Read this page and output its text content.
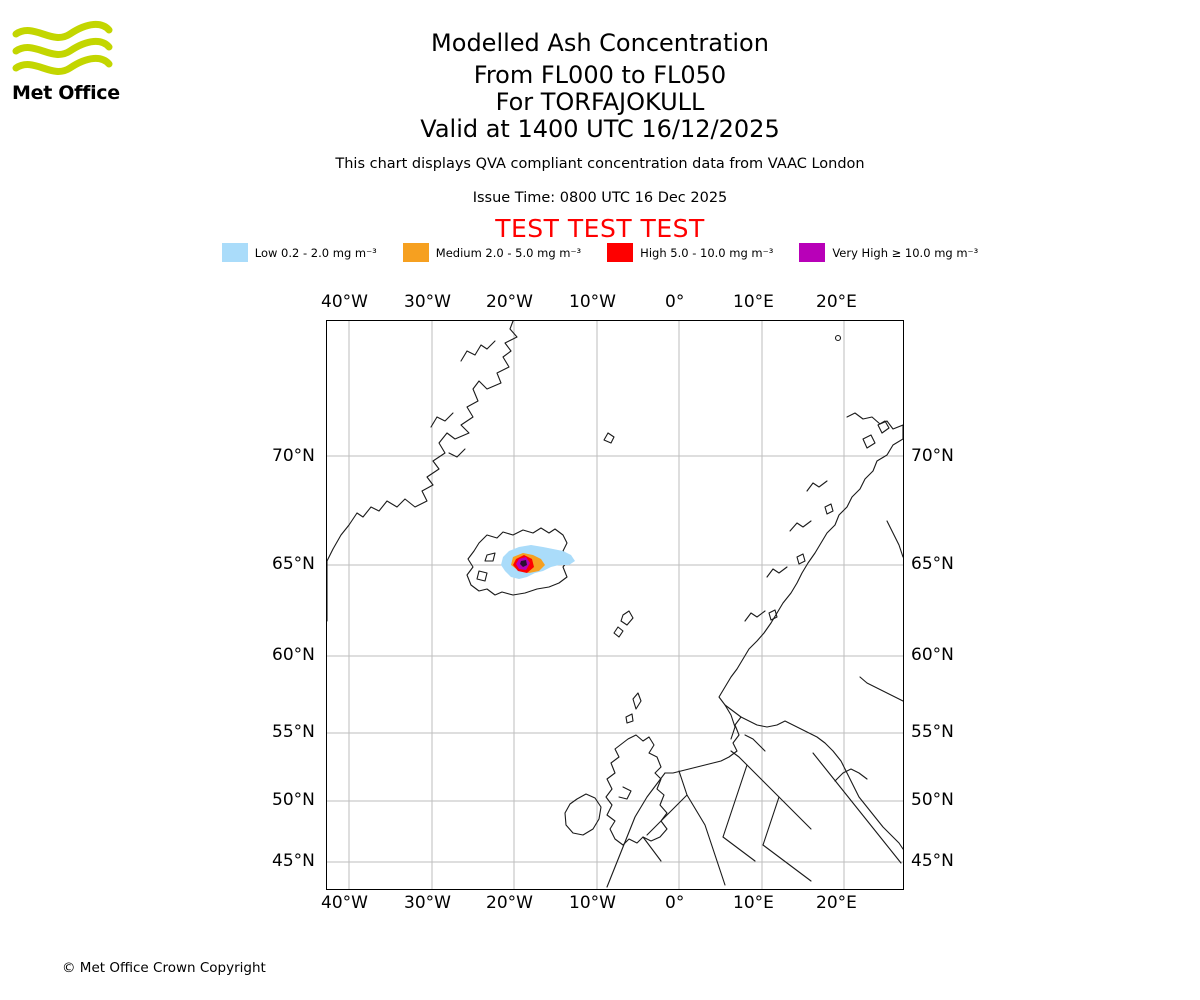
Met Office
Modelled Ash Concentration
From FL000 to FL050
For TORFAJOKULL
Valid at 1400 UTC 16/12/2025
This chart displays QVA compliant concentration data from VAAC London
Issue Time: 0800 UTC 16 Dec 2025
TEST TEST TEST
Low 0.2 - 2.0 mg m⁻³	Medium 2.0 - 5.0 mg m⁻³	High 5.0 - 10.0 mg m⁻³	Very High ≥ 10.0 mg m⁻³
40°W 30°W 20°W 10°W	0°	10°E 20°E
70°N
65°N
60°N
55°N
50°N
45°N
70°N
65°N
60°N
55°N
50°N
45°N
40°W 30°W 20°W 10°W	0°	10°E 20°E
© Met Office Crown Copyright
